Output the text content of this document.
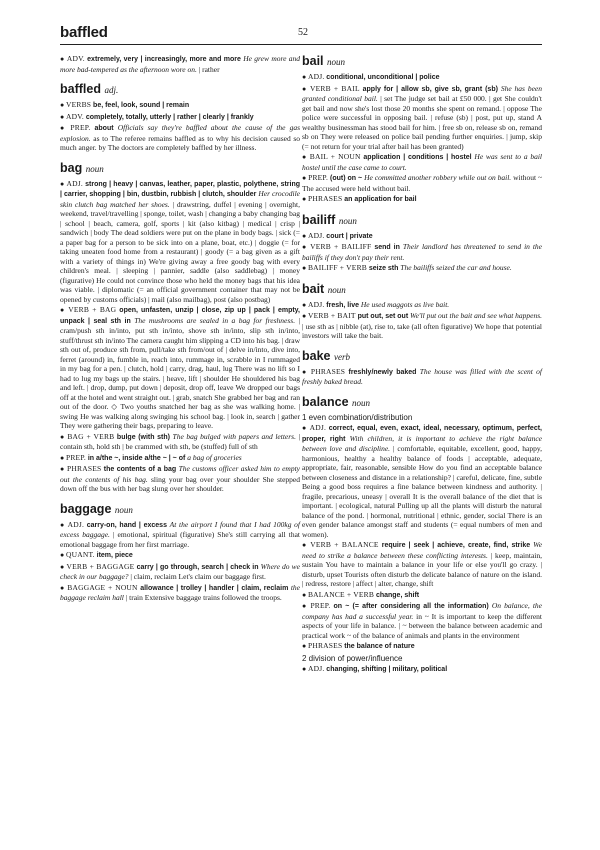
baffled	52
● ADV. extremely, very | increasingly, more and more He grew more and more bad-tempered as the afternoon wore on. | rather
baffled adj.
● VERBS be, feel, look, sound | remain
● ADV. completely, totally, utterly | rather | clearly | frankly
● PREP. about Officials say they're baffled about the cause of the gas explosion. as to The referee remains baffled as to why his decision caused so much anger. by The doctors are completely baffled by her illness.
bag noun
● ADJ. strong | heavy | canvas, leather, paper, plastic, polythene, string | carrier, shopping | bin, dustbin, rubbish | clutch, shoulder Her crocodile skin clutch bag matched her shoes. | drawstring, duffel | evening | overnight, weekend, travel/travelling | sponge, toilet, wash | changing a baby changing bag | school | beach, camera, golf, sports | kit (also kitbag) | medical | crisp | sandwich | body The dead soldiers were put on the plane in body bags. | sick (= a paper bag for a person to be sick into on a plane, boat, etc.) | doggie (= for taking uneaten food home from a restaurant) | goody (= a bag given as a gift with a variety of things in) We're giving away a free goody bag with every children's meal. | sleeping | pannier, saddle (also saddlebag) | money (figurative) He could not convince those who held the money bags that his idea was viable. | diplomatic (= an official government container that may not be opened by customs officials) | mail (also mailbag), post (also postbag)
● VERB + BAG open, unfasten, unzip | close, zip up | pack | empty, unpack | seal sth in The mushrooms are sealed in a bag for freshness. | cram/push sth in/into, put sth in/into, shove sth in/into, slip sth in/into, stuff/thrust sth in/into The camera caught him slipping a CD into his bag. | draw sth out of, produce sth from, pull/take sth from/out of | delve in/into, dive into, ferret (around) in, fumble in, reach into, rummage in, scrabble in I rummaged in my bag for a pen. | clutch, hold | carry, drag, haul, lug There was no lift so I had to lug my bags up the stairs. | heave, lift | shoulder He shouldered his bag and left. | drop, dump, put down | deposit, drop off, leave We dropped our bags off at the hotel and went straight out. | grab, snatch She grabbed her bag and ran out of the door. ◇ Two youths snatched her bag as she was walking home. | swing He was walking along swinging his school bag. | look in, search | gather They were gathering their bags, preparing to leave.
● BAG + VERB bulge (with sth) The bag bulged with papers and letters. | contain sth, hold sth | be crammed with sth, be (stuffed) full of sth
● PREP. in a/the ~, inside a/the ~ | ~ of a bag of groceries
● PHRASES the contents of a bag The customs officer asked him to empty out the contents of his bag. sling your bag over your shoulder She stepped down off the bus with her bag slung over her shoulder.
baggage noun
● ADJ. carry-on, hand | excess At the airport I found that I had 100kg of excess baggage. | emotional, spiritual (figurative) She's still carrying all that emotional baggage from her first marriage.
● QUANT. item, piece
● VERB + BAGGAGE carry | go through, search | check in Where do we check in our baggage? | claim, reclaim Let's claim our baggage first.
● BAGGAGE + NOUN allowance | trolley | handler | claim, reclaim the baggage reclaim hall | train Extensive baggage trains followed the troops.
bail noun
● ADJ. conditional, unconditional | police
● VERB + BAIL apply for | allow sb, give sb, grant (sb) She has been granted conditional bail. | set The judge set bail at £50 000. | get She couldn't get bail and now she's lost those 20 months she spent on remand. | oppose The police were successful in opposing bail. | refuse (sb) | post, put up, stand A wealthy businessman has stood bail for him. | free sb on, release sb on, remand sb on They were released on police bail pending further enquiries. | jump, skip (= not return for your trial after bail has been granted)
● BAIL + NOUN application | conditions | hostel He was sent to a bail hostel until the case came to court.
● PREP. (out) on ~ He committed another robbery while out on bail. without ~ The accused were held without bail.
● PHRASES an application for bail
bailiff noun
● ADJ. court | private
● VERB + BAILIFF send in Their landlord has threatened to send in the bailiffs if they don't pay their rent.
● BAILIFF + VERB seize sth The bailiffs seized the car and house.
bait noun
● ADJ. fresh, live He used maggots as live bait.
● VERB + BAIT put out, set out We'll put out the bait and see what happens. | use sth as | nibble (at), rise to, take (all often figurative) We hope that potential investors will take the bait.
bake verb
● PHRASES freshly/newly baked The house was filled with the scent of freshly baked bread.
balance noun
1 even combination/distribution
● ADJ. correct, equal, even, exact, ideal, necessary, optimum, perfect, proper, right With children, it is important to achieve the right balance between love and discipline. | comfortable, equitable, excellent, good, happy, harmonious, healthy a healthy balance of foods | acceptable, adequate, appropriate, fair, reasonable, sensible How do you find an acceptable balance between closeness and distance in a relationship? | careful, delicate, fine, subtle Being a good boss requires a fine balance between kindness and authority. | fragile, precarious, uneasy | overall It is the overall balance of the diet that is important. | ecological, natural Pulling up all the plants will disturb the natural balance of the pond. | hormonal, nutritional | ethnic, gender, social There is an even gender balance amongst staff and students (= equal numbers of men and women).
● VERB + BALANCE require | seek | achieve, create, find, strike We need to strike a balance between these conflicting interests. | keep, maintain, sustain You have to maintain a balance in your life or else you'll go crazy. | disturb, upset Tourists often disturb the delicate balance of nature on the island. | redress, restore | affect | alter, change, shift
● BALANCE + VERB change, shift
● PREP. on ~ (= after considering all the information) On balance, the company has had a successful year. in ~ It is important to keep the different aspects of your life in balance. | ~ between the balance between academic and practical work ~ of the balance of animals and plants in the environment
● PHRASES the balance of nature
2 division of power/influence
● ADJ. changing, shifting | military, political
